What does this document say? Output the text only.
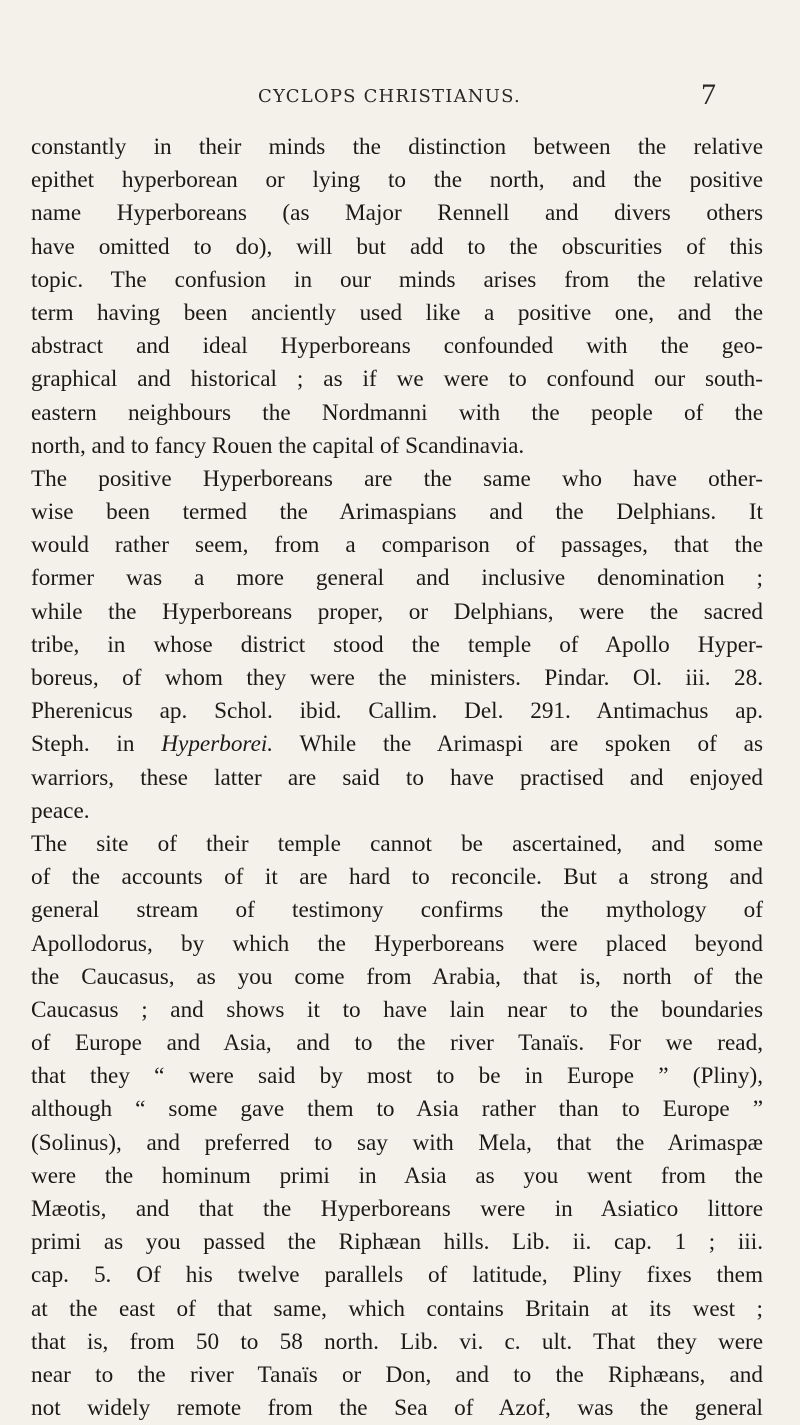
CYCLOPS CHRISTIANUS.	7
constantly in their minds the distinction between the relative
epithet hyperborean or lying to the north, and the positive
name Hyperboreans (as Major Rennell and divers others
have omitted to do), will but add to the obscurities of this
topic. The confusion in our minds arises from the relative
term having been anciently used like a positive one, and the
abstract and ideal Hyperboreans confounded with the geo-
graphical and historical ; as if we were to confound our south-
eastern neighbours the Nordmanni with the people of the
north, and to fancy Rouen the capital of Scandinavia.
The positive Hyperboreans are the same who have other-
wise been termed the Arimaspians and the Delphians. It
would rather seem, from a comparison of passages, that the
former was a more general and inclusive denomination ;
while the Hyperboreans proper, or Delphians, were the sacred
tribe, in whose district stood the temple of Apollo Hyper-
boreus, of whom they were the ministers. Pindar. Ol. iii. 28.
Pherenicus ap. Schol. ibid. Callim. Del. 291. Antimachus ap.
Steph. in Hyperborei. While the Arimaspi are spoken of as
warriors, these latter are said to have practised and enjoyed
peace.
The site of their temple cannot be ascertained, and some
of the accounts of it are hard to reconcile. But a strong and
general stream of testimony confirms the mythology of
Apollodorus, by which the Hyperboreans were placed beyond
the Caucasus, as you come from Arabia, that is, north of the
Caucasus ; and shows it to have lain near to the boundaries
of Europe and Asia, and to the river Tanaïs. For we read,
that they “ were said by most to be in Europe ” (Pliny),
although “ some gave them to Asia rather than to Europe ”
(Solinus), and preferred to say with Mela, that the Arimaspæ
were the hominum primi in Asia as you went from the
Mæotis, and that the Hyperboreans were in Asiatico littore
primi as you passed the Riphæan hills. Lib. ii. cap. 1 ; iii.
cap. 5. Of his twelve parallels of latitude, Pliny fixes them
at the east of that same, which contains Britain at its west ;
that is, from 50 to 58 north. Lib. vi. c. ult. That they were
near to the river Tanaïs or Don, and to the Riphæans, and
not widely remote from the Sea of Azof, was the general
